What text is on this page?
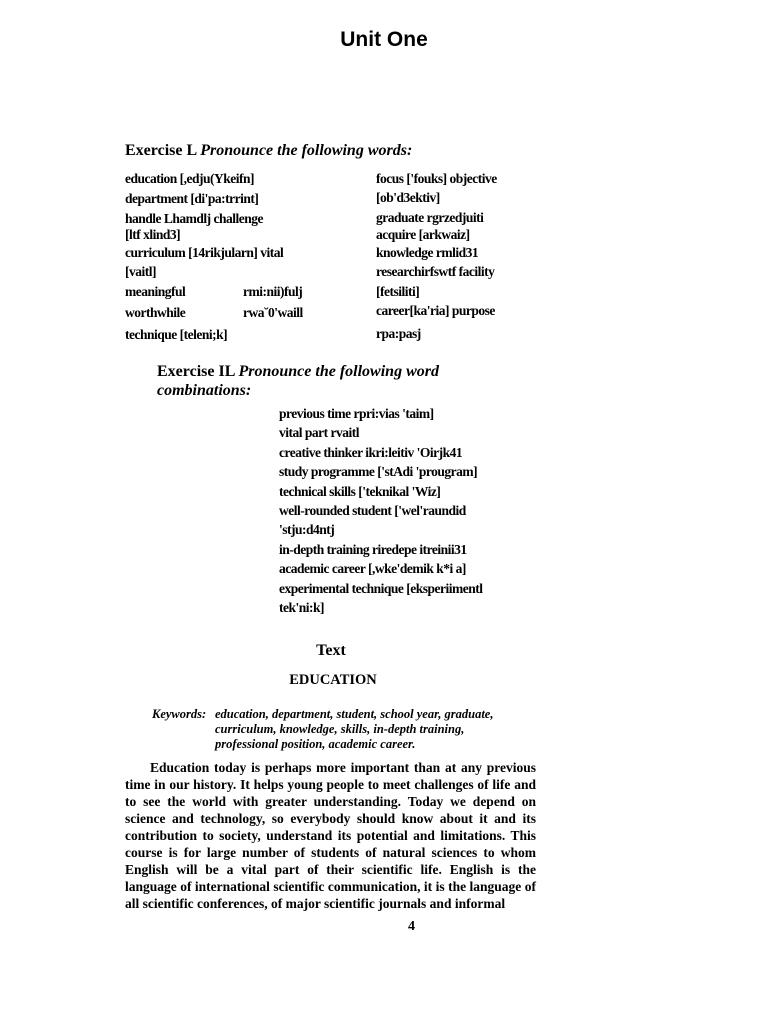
Unit One
Exercise L Pronounce the following words:
education [,edju(Ykeifn]
department [di'pa:trrint]
handle Lhamdlj challenge
[ltf xlind3]
curriculum [14rikjularn] vital
[vaitl]
meaningful	rmi:nii)fulj
worthwhile	rwa˘0'waill
technique [teleni;k]
focus ['fouks] objective
[ob'd3ektiv]
graduate rgrzedjuiti
acquire [arkwaiz]
knowledge rmlid31
researchirfswtf facility
[fetsiliti]
career[ka'ria] purpose
rpa:pasj
Exercise IL Pronounce the following word
combinations:
previous time rpri:vias 'taim]
vital part rvaitl
creative thinker ikri:leitiv 'Oirjk41
study programme ['stAdi 'prougram]
technical skills ['teknikal 'Wiz]
well-rounded student ['wel'raundid
'stju:d4ntj
in-depth training riredepe itreinii31
academic career [,wke'demik k*i a]
experimental technique [eksperiimentl
tek'ni:k]
Text
EDUCATION
Keywords: education, department, student, school year, graduate,
curriculum, knowledge, skills, in-depth training,
professional position, academic career.
Education today is perhaps more important than at any previous time in our history. It helps young people to meet challenges of life and to see the world with greater understanding. Today we depend on science and technology, so everybody should know about it and its contribution to society, understand its potential and limitations. This course is for large number of students of natural sciences to whom English will be a vital part of their scientific life. English is the language of international scientific communication, it is the language of all scientific conferences, of major scientific journals and informal
4
